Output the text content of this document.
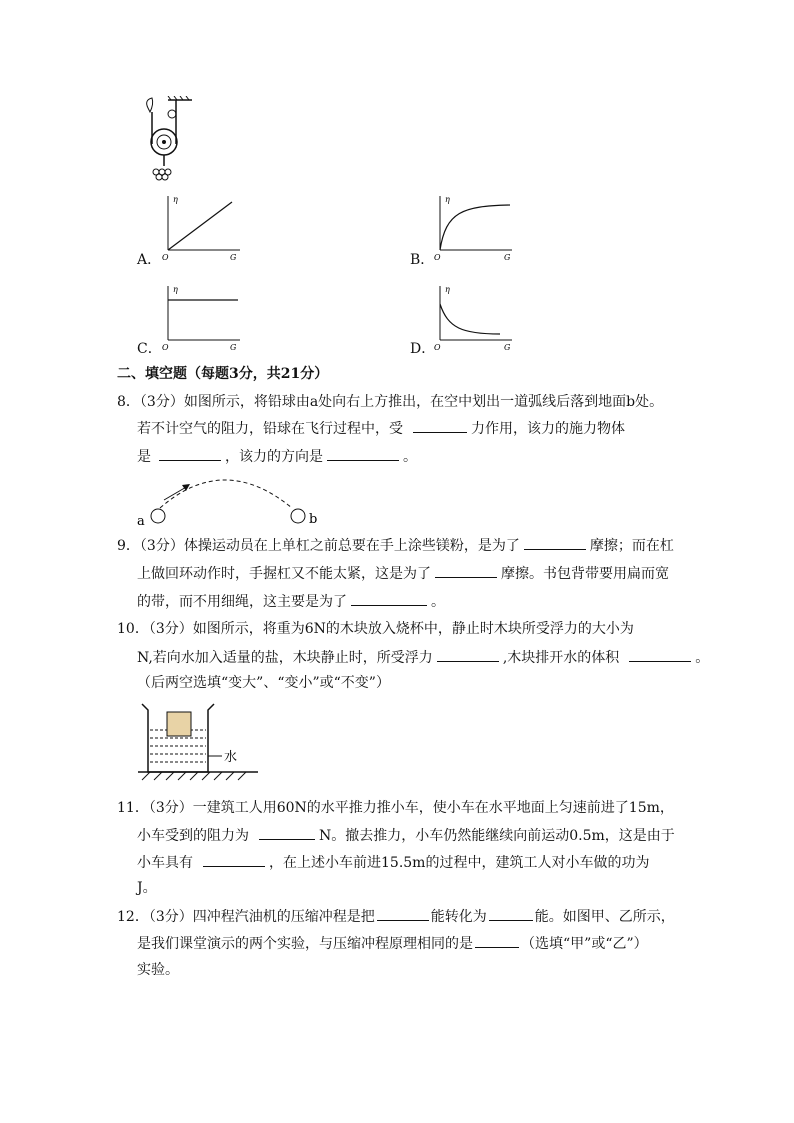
A．
η
O	G	B．
η
O	G
C．
η
O	G	D．
η
O	G
二、填空题（每题3分，共21分）
8．（3分）如图所示，将铅球由a处向右上方推出，在空中划出一道弧线后落到地面b处。
若不计空气的阻力，铅球在飞行过程中，受	力作用，该力的施力物体
是	，该力的方向是	。
a	b
9．（3分）体操运动员在上单杠之前总要在手上涂些镁粉，是为了	摩擦；而在杠
上做回环动作时，手握杠又不能太紧，这是为了	摩擦。书包背带要用扁而宽
的带，而不用细绳，这主要是为了	。
10．（3分）如图所示，将重为6N的木块放入烧杯中，静止时木块所受浮力的大小为
N,若向水加入适量的盐，木块静止时，所受浮力	,木块排开水的体积	。
（后两空选填“变大”、“变小”或“不变”）
水
11．（3分）一建筑工人用60N的水平推力推小车，使小车在水平地面上匀速前进了15m，
小车受到的阻力为	N。撤去推力，小车仍然能继续向前运动0.5m，这是由于
小车具有	，在上述小车前进15.5m的过程中，建筑工人对小车做的功为
J。
12．（3分）四冲程汽油机的压缩冲程是把	能转化为	能。如图甲、乙所示，
是我们课堂演示的两个实验，与压缩冲程原理相同的是	（选填“甲”或“乙”）
实验。
